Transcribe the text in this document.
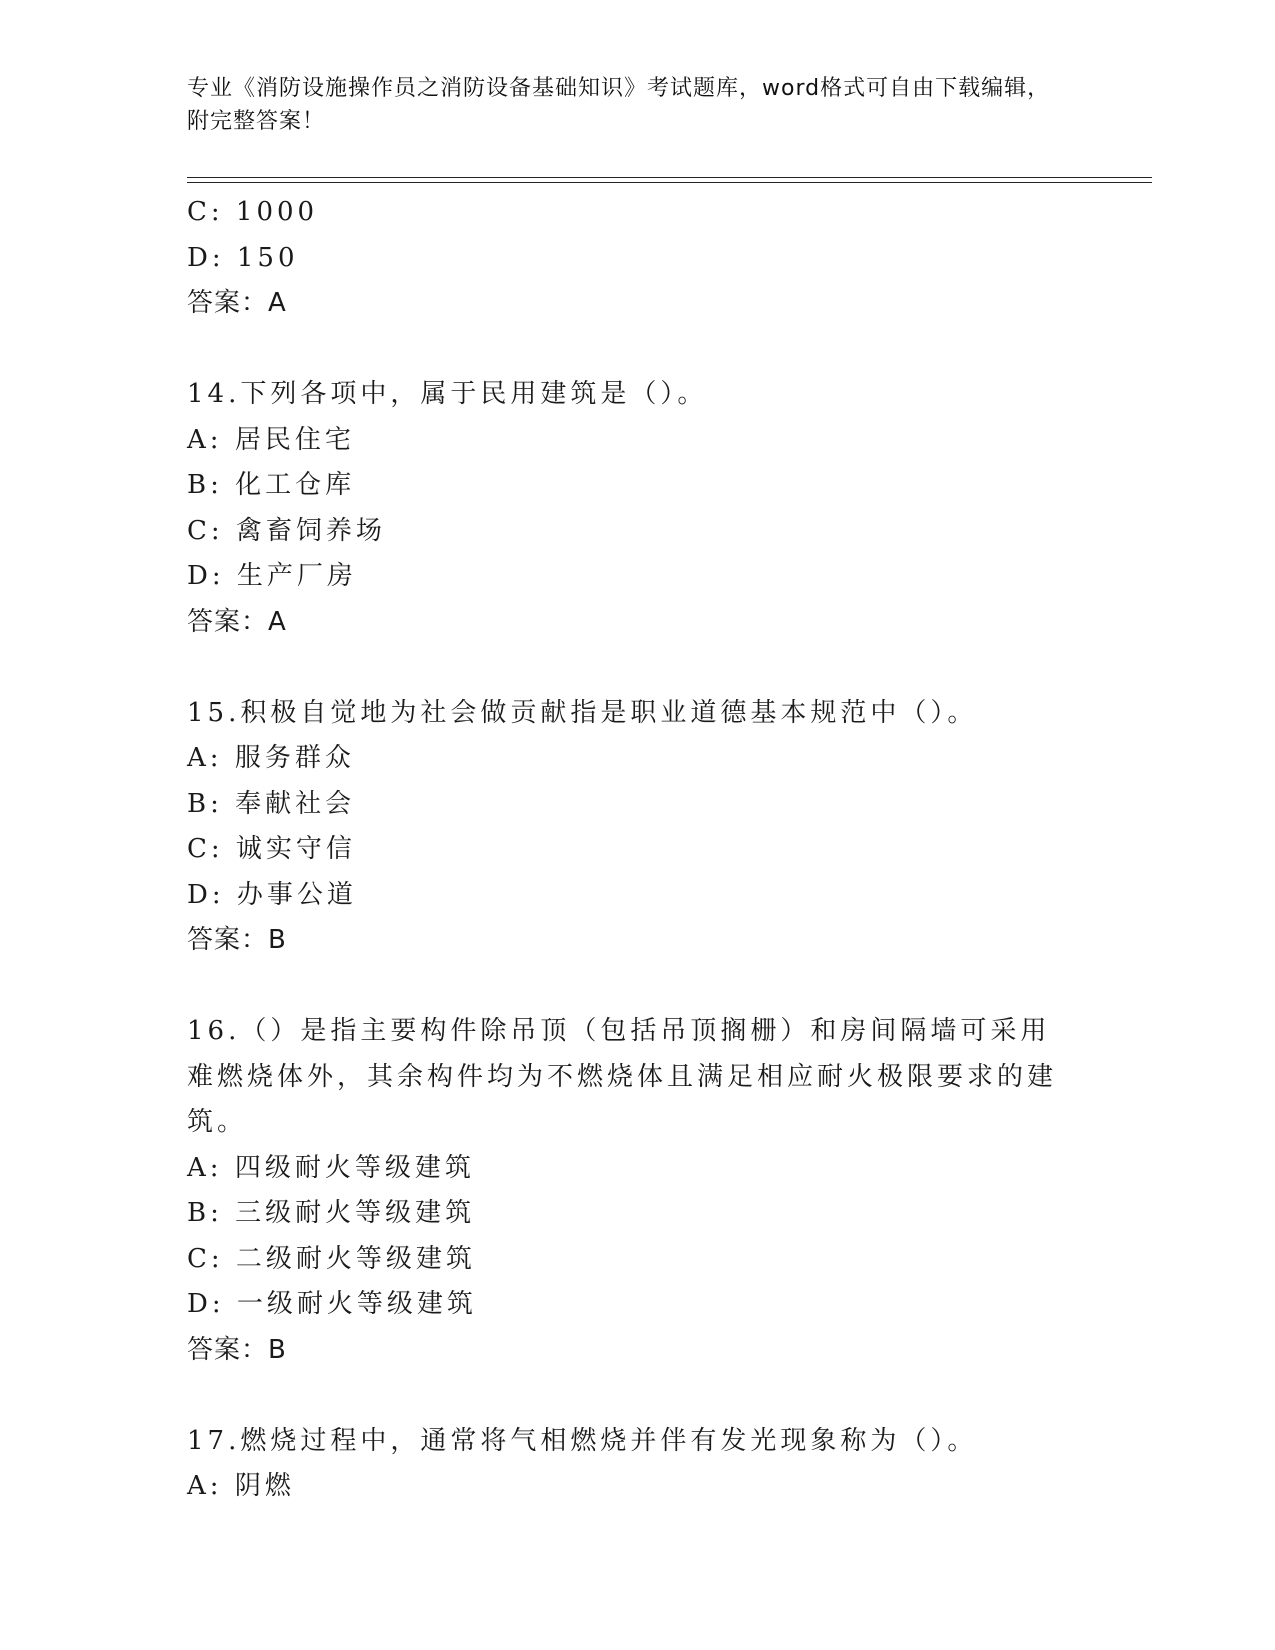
专业《消防设施操作员之消防设备基础知识》考试题库，word格式可自由下载编辑，附完整答案！
C: 1000
D: 150
答案：A
14.下列各项中，属于民用建筑是（）。
A: 居民住宅
B: 化工仓库
C: 禽畜饲养场
D: 生产厂房
答案：A
15.积极自觉地为社会做贡献指是职业道德基本规范中（）。
A: 服务群众
B: 奉献社会
C: 诚实守信
D: 办事公道
答案：B
16.（）是指主要构件除吊顶（包括吊顶搁栅）和房间隔墙可采用难燃烧体外，其余构件均为不燃烧体且满足相应耐火极限要求的建筑。
A: 四级耐火等级建筑
B: 三级耐火等级建筑
C: 二级耐火等级建筑
D: 一级耐火等级建筑
答案：B
17.燃烧过程中，通常将气相燃烧并伴有发光现象称为（）。
A: 阴燃
